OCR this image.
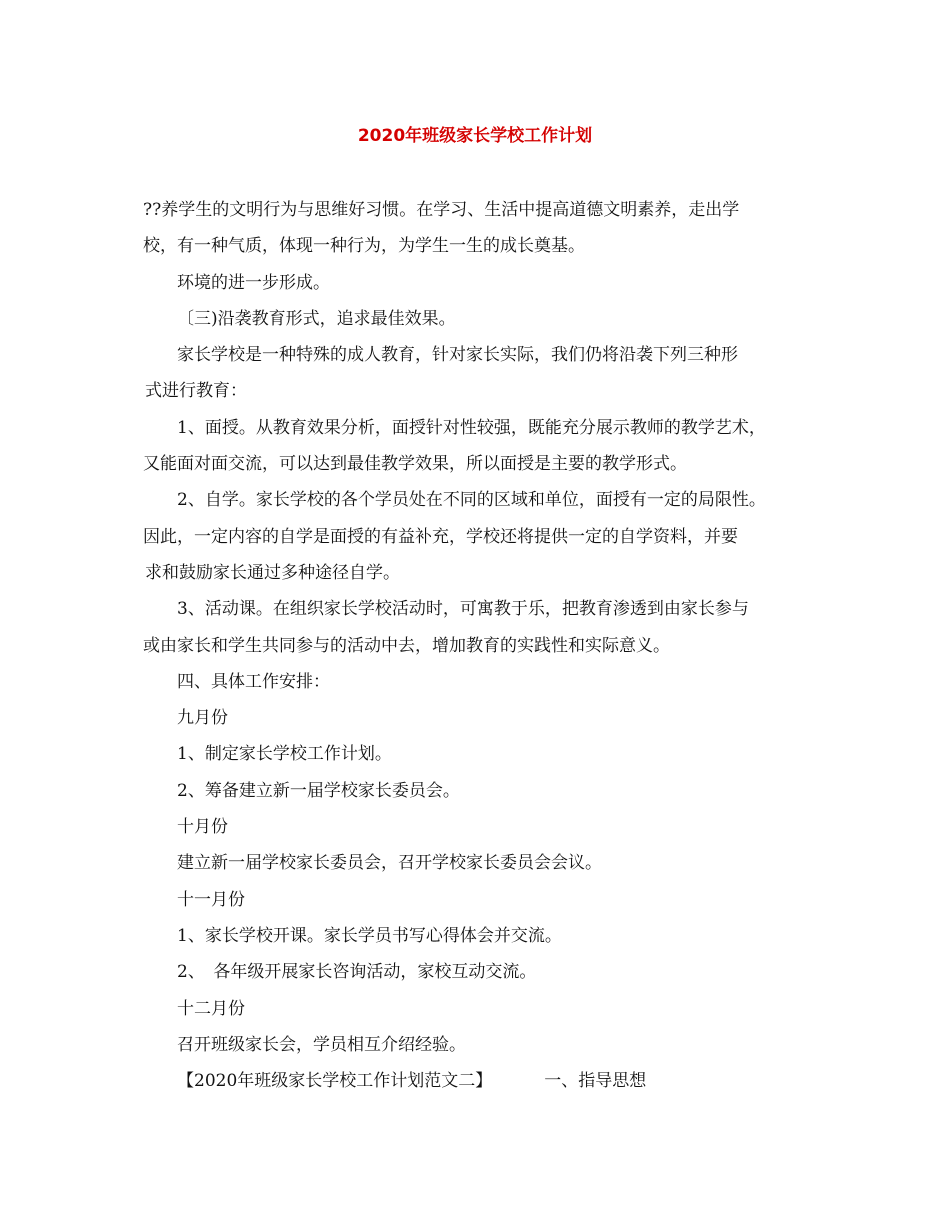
2020年班级家长学校工作计划
??养学生的文明行为与思维好习惯。在学习、生活中提高道德文明素养，走出学
校，有一种气质，体现一种行为，为学生一生的成长奠基。
环境的进一步形成。
〔三)沿袭教育形式，追求最佳效果。
家长学校是一种特殊的成人教育，针对家长实际，我们仍将沿袭下列三种形
式进行教育：
1、面授。从教育效果分析，面授针对性较强，既能充分展示教师的教学艺术，
又能面对面交流，可以达到最佳教学效果，所以面授是主要的教学形式。
2、自学。家长学校的各个学员处在不同的区域和单位，面授有一定的局限性。
因此，一定内容的自学是面授的有益补充，学校还将提供一定的自学资料，并要
求和鼓励家长通过多种途径自学。
3、活动课。在组织家长学校活动时，可寓教于乐，把教育渗透到由家长参与
或由家长和学生共同参与的活动中去，增加教育的实践性和实际意义。
四、具体工作安排：
九月份
1、制定家长学校工作计划。
2、筹备建立新一届学校家长委员会。
十月份
建立新一届学校家长委员会，召开学校家长委员会会议。
十一月份
1、家长学校开课。家长学员书写心得体会并交流。
2、　各年级开展家长咨询活动，家校互动交流。
十二月份
召开班级家长会，学员相互介绍经验。
【2020年班级家长学校工作计划范文二】	一、指导思想
